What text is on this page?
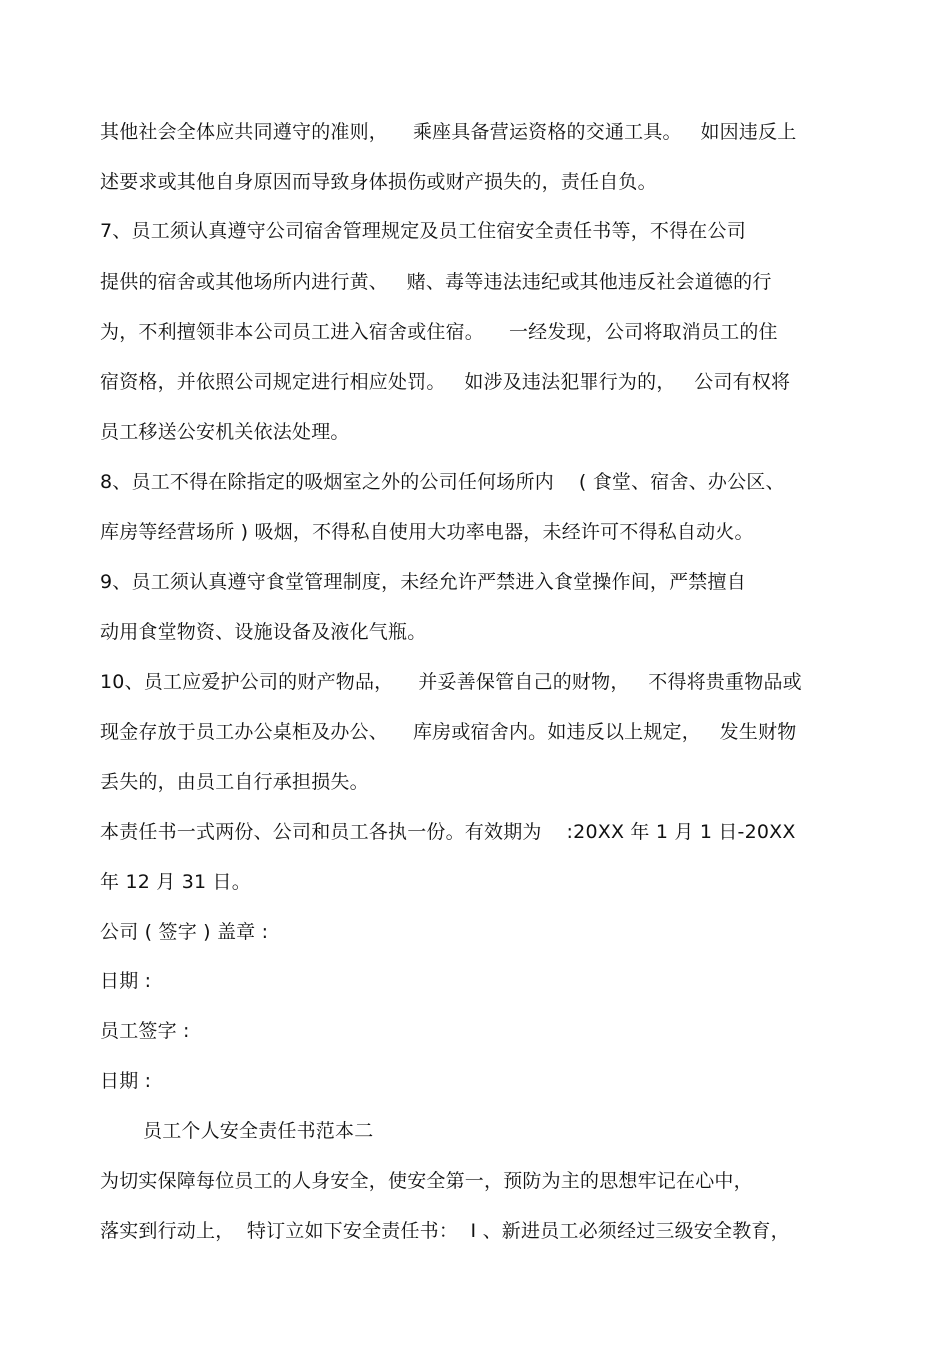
其他社会全体应共同遵守的准则，    乘座具备营运资格的交通工具。   如因违反上
述要求或其他自身原因而导致身体损伤或财产损失的，责任自负。
7、员工须认真遵守公司宿舍管理规定及员工住宿安全责任书等，不得在公司
提供的宿舍或其他场所内进行黄、   赌、毒等违法违纪或其他违反社会道德的行
为，不利擅领非本公司员工进入宿舍或住宿。    一经发现，公司将取消员工的住
宿资格，并依照公司规定进行相应处罚。   如涉及违法犯罪行为的，   公司有权将
员工移送公安机关依法处理。
8、员工不得在除指定的吸烟室之外的公司任何场所内    ( 食堂、宿舍、办公区、
库房等经营场所 ) 吸烟，不得私自使用大功率电器，未经许可不得私自动火。
9、员工须认真遵守食堂管理制度，未经允许严禁进入食堂操作间，严禁擅自
动用食堂物资、设施设备及液化气瓶。
10、员工应爱护公司的财产物品，    并妥善保管自己的财物，   不得将贵重物品或
现金存放于员工办公桌柜及办公、    库房或宿舍内。如违反以上规定，   发生财物
丢失的，由员工自行承担损失。
本责任书一式两份、公司和员工各执一份。有效期为    :20XX 年 1 月 1 日-20XX
年 12 月 31 日。
公司 ( 签字 ) 盖章 :
日期 :
员工签字 :
日期 :
员工个人安全责任书范本二
为切实保障每位员工的人身安全，使安全第一，预防为主的思想牢记在心中，
落实到行动上，  特订立如下安全责任书：  I 、新进员工必须经过三级安全教育，
